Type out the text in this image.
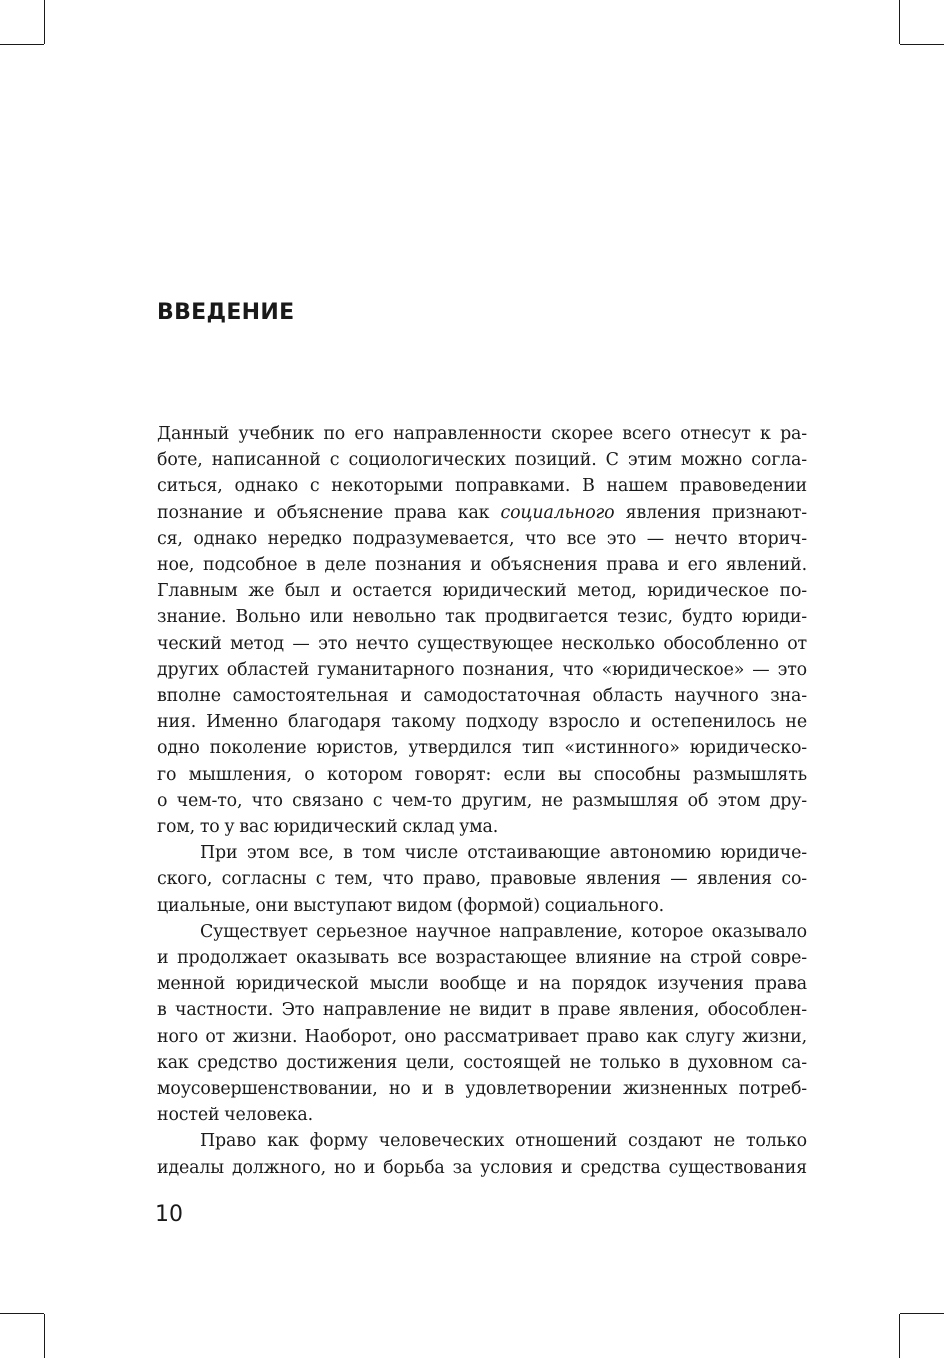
ВВЕДЕНИЕ
Данный учебник по его направленности скорее всего отнесут к ра-
боте, написанной с социологических позиций. С этим можно согла-
ситься, однако с некоторыми поправками. В нашем правоведении
познание и объяснение права как социального явления признают-
ся, однако нередко подразумевается, что все это — нечто вторич-
ное, подсобное в деле познания и объяснения права и его явлений.
Главным же был и остается юридический метод, юридическое по-
знание. Вольно или невольно так продвигается тезис, будто юриди-
ческий метод — это нечто существующее несколько обособленно от
других областей гуманитарного познания, что «юридическое» — это
вполне самостоятельная и самодостаточная область научного зна-
ния. Именно благодаря такому подходу взросло и остепенилось не
одно поколение юристов, утвердился тип «истинного» юридическо-
го мышления, о котором говорят: если вы способны размышлять
о чем-то, что связано с чем-то другим, не размышляя об этом дру-
гом, то у вас юридический склад ума.
При этом все, в том числе отстаивающие автономию юридиче-
ского, согласны с тем, что право, правовые явления — явления со-
циальные, они выступают видом (формой) социального.
Существует серьезное научное направление, которое оказывало
и продолжает оказывать все возрастающее влияние на строй совре-
менной юридической мысли вообще и на порядок изучения права
в частности. Это направление не видит в праве явления, обособлен-
ного от жизни. Наоборот, оно рассматривает право как слугу жизни,
как средство достижения цели, состоящей не только в духовном са-
моусовершенствовании, но и в удовлетворении жизненных потреб-
ностей человека.
Право как форму человеческих отношений создают не только
идеалы должного, но и борьба за условия и средства существования
10
